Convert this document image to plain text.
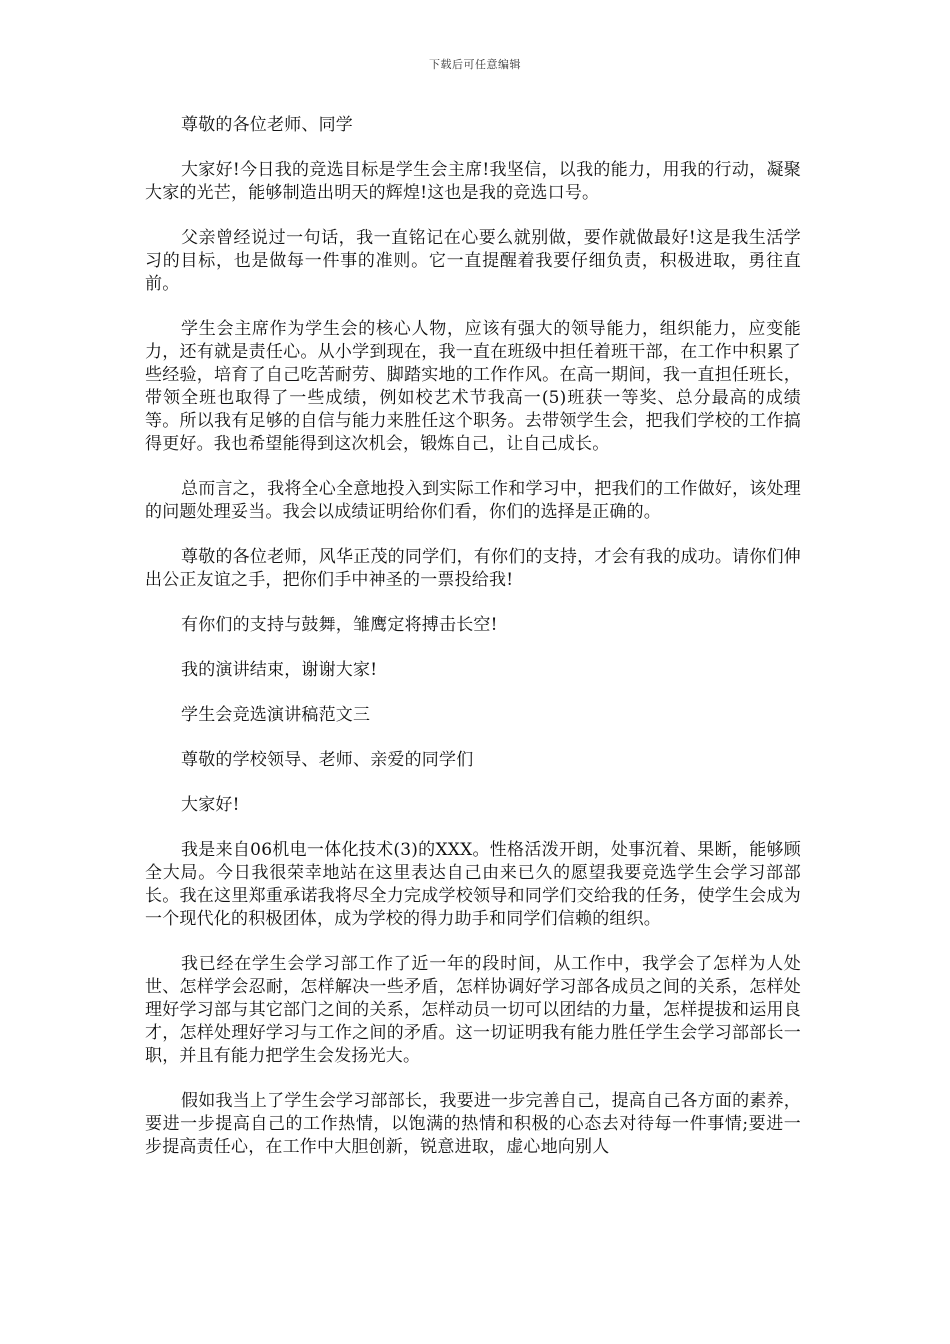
下载后可任意编辑

尊敬的各位老师、同学

大家好!今日我的竞选目标是学生会主席!我坚信，以我的能力，用我的行动，凝聚大家的光芒，能够制造出明天的辉煌!这也是我的竞选口号。

父亲曾经说过一句话，我一直铭记在心要么就别做，要作就做最好!这是我生活学习的目标，也是做每一件事的准则。它一直提醒着我要仔细负责，积极进取，勇往直前。

学生会主席作为学生会的核心人物，应该有强大的领导能力，组织能力，应变能力，还有就是责任心。从小学到现在，我一直在班级中担任着班干部，在工作中积累了些经验，培育了自己吃苦耐劳、脚踏实地的工作作风。在高一期间，我一直担任班长，带领全班也取得了一些成绩，例如校艺术节我高一(5)班获一等奖、总分最高的成绩等。所以我有足够的自信与能力来胜任这个职务。去带领学生会，把我们学校的工作搞得更好。我也希望能得到这次机会，锻炼自己，让自己成长。

总而言之，我将全心全意地投入到实际工作和学习中，把我们的工作做好，该处理的问题处理妥当。我会以成绩证明给你们看，你们的选择是正确的。

尊敬的各位老师，风华正茂的同学们，有你们的支持，才会有我的成功。请你们伸出公正友谊之手，把你们手中神圣的一票投给我!

有你们的支持与鼓舞，雏鹰定将搏击长空!

我的演讲结束，谢谢大家!

学生会竞选演讲稿范文三

尊敬的学校领导、老师、亲爱的同学们

大家好!

我是来自06机电一体化技术(3)的XXX。性格活泼开朗，处事沉着、果断，能够顾全大局。今日我很荣幸地站在这里表达自己由来已久的愿望我要竞选学生会学习部部长。我在这里郑重承诺我将尽全力完成学校领导和同学们交给我的任务，使学生会成为一个现代化的积极团体，成为学校的得力助手和同学们信赖的组织。

我已经在学生会学习部工作了近一年的段时间，从工作中，我学会了怎样为人处世、怎样学会忍耐，怎样解决一些矛盾，怎样协调好学习部各成员之间的关系，怎样处理好学习部与其它部门之间的关系，怎样动员一切可以团结的力量，怎样提拔和运用良才，怎样处理好学习与工作之间的矛盾。这一切证明我有能力胜任学生会学习部部长一职，并且有能力把学生会发扬光大。

假如我当上了学生会学习部部长，我要进一步完善自己，提高自己各方面的素养，要进一步提高自己的工作热情，以饱满的热情和积极的心态去对待每一件事情;要进一步提高责任心，在工作中大胆创新，锐意进取，虚心地向别人
